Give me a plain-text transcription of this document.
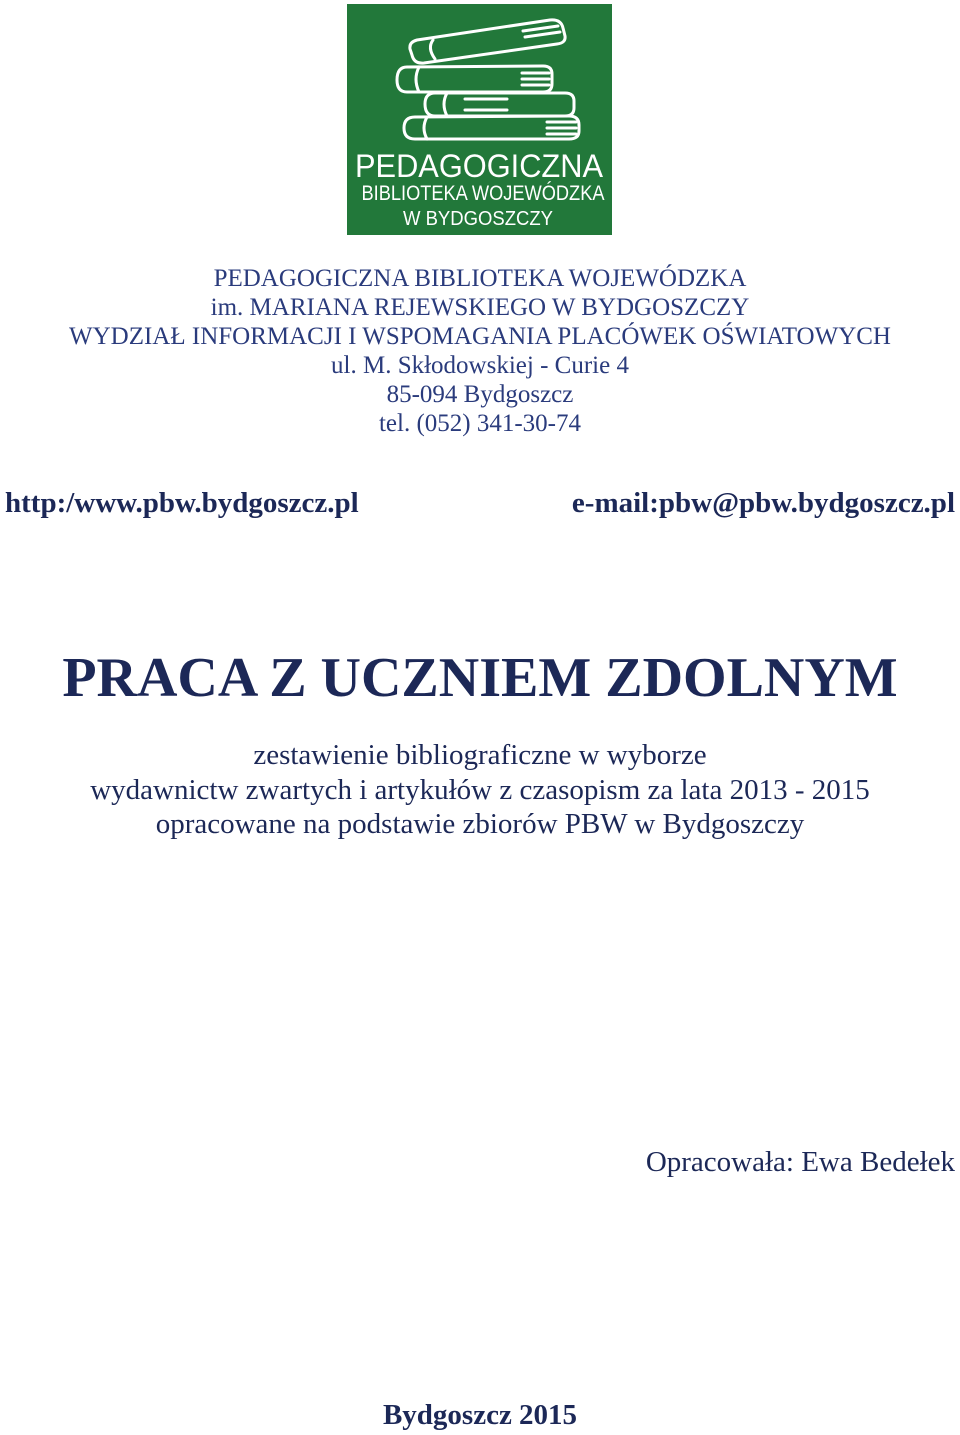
PEDAGOGICZNA
BIBLIOTEKA WOJEWÓDZKA
W BYDGOSZCZY
PEDAGOGICZNA BIBLIOTEKA WOJEWÓDZKA
im. MARIANA REJEWSKIEGO W BYDGOSZCZY
WYDZIAŁ INFORMACJI I WSPOMAGANIA PLACÓWEK OŚWIATOWYCH
ul. M. Skłodowskiej - Curie 4
85-094 Bydgoszcz
tel. (052) 341-30-74
http:/www.pbw.bydgoszcz.pl	e-mail:pbw@pbw.bydgoszcz.pl
PRACA Z UCZNIEM ZDOLNYM
zestawienie bibliograficzne w wyborze
wydawnictw zwartych i artykułów z czasopism za lata 2013 - 2015
opracowane na podstawie zbiorów PBW w Bydgoszczy
Opracowała: Ewa Bedełek
Bydgoszcz 2015
